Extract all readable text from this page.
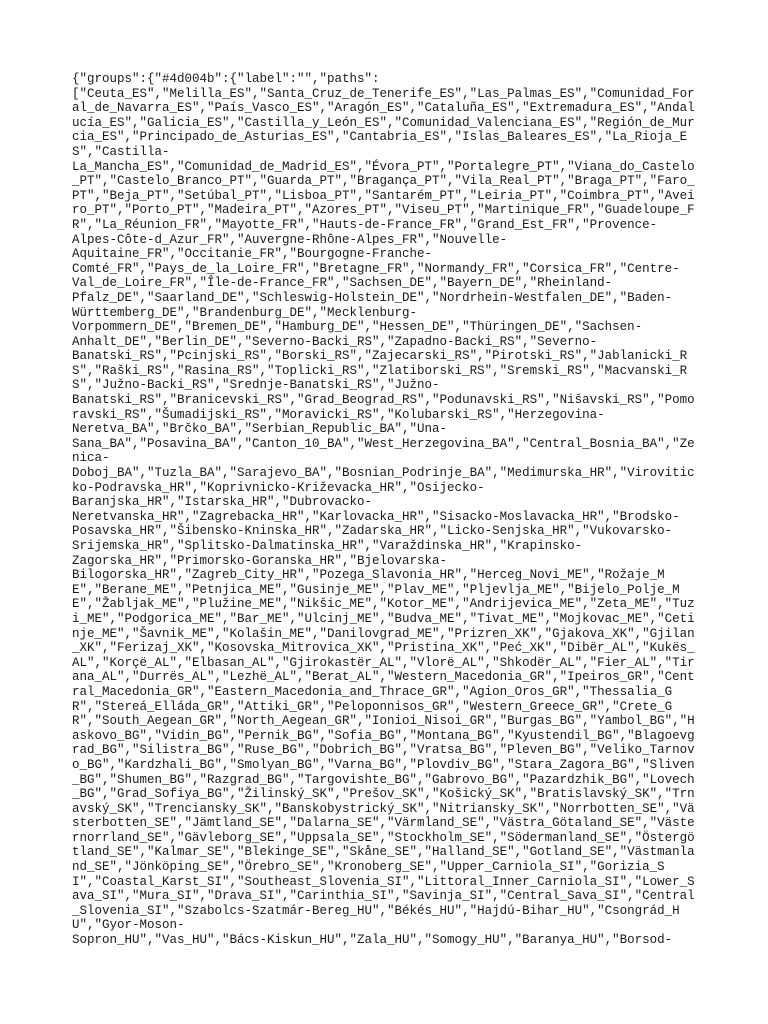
{"groups":{"#4d004b":{"label":"","paths":
["Ceuta_ES","Melilla_ES","Santa_Cruz_de_Tenerife_ES","Las_Palmas_ES","Comunidad_Foral_de_Navarra_ES","País_Vasco_ES","Aragón_ES","Cataluña_ES","Extremadura_ES","Andalucía_ES","Galicia_ES","Castilla_y_León_ES","Comunidad_Valenciana_ES","Región_de_Murcia_ES","Principado_de_Asturias_ES","Cantabria_ES","Islas_Baleares_ES","La_Rioja_ES","Castilla-
La_Mancha_ES","Comunidad_de_Madrid_ES","Évora_PT","Portalegre_PT","Viana_do_Castelo_PT","Castelo_Branco_PT","Guarda_PT","Bragança_PT","Vila_Real_PT","Braga_PT","Faro_PT","Beja_PT","Setúbal_PT","Lisboa_PT","Santarém_PT","Leiria_PT","Coimbra_PT","Aveiro_PT","Porto_PT","Madeira_PT","Azores_PT","Viseu_PT","Martinique_FR","Guadeloupe_FR","La_Réunion_FR","Mayotte_FR","Hauts-de-France_FR","Grand_Est_FR","Provence-
Alpes-Côte-d_Azur_FR","Auvergne-Rhône-Alpes_FR","Nouvelle-
Aquitaine_FR","Occitanie_FR","Bourgogne-Franche-
Comté_FR","Pays_de_la_Loire_FR","Bretagne_FR","Normandy_FR","Corsica_FR","Centre-
Val_de_Loire_FR","Île-de-France_FR","Sachsen_DE","Bayern_DE","Rheinland-
Pfalz_DE","Saarland_DE","Schleswig-Holstein_DE","Nordrhein-Westfalen_DE","Baden-
Württemberg_DE","Brandenburg_DE","Mecklenburg-
Vorpommern_DE","Bremen_DE","Hamburg_DE","Hessen_DE","Thüringen_DE","Sachsen-
Anhalt_DE","Berlin_DE","Severno-Backi_RS","Zapadno-Backi_RS","Severno-
Banatski_RS","Pcinjski_RS","Borski_RS","Zajecarski_RS","Pirotski_RS","Jablanicki_RS","Raški_RS","Rasina_RS","Toplicki_RS","Zlatiborski_RS","Sremski_RS","Macvanski_RS","Južno-Backi_RS","Srednje-Banatski_RS","Južno-
Banatski_RS","Branicevski_RS","Grad_Beograd_RS","Podunavski_RS","Nišavski_RS","Pomoravski_RS","Šumadijski_RS","Moravicki_RS","Kolubarski_RS","Herzegovina-
Neretva_BA","Brčko_BA","Serbian_Republic_BA","Una-
Sana_BA","Posavina_BA","Canton_10_BA","West_Herzegovina_BA","Central_Bosnia_BA","Zenica-
Doboj_BA","Tuzla_BA","Sarajevo_BA","Bosnian_Podrinje_BA","Medimurska_HR","Viroviticko-Podravska_HR","Koprivnicko-Križevacka_HR","Osijecko-
Baranjska_HR","Istarska_HR","Dubrovacko-
Neretvanska_HR","Zagrebacka_HR","Karlovacka_HR","Sisacko-Moslavacka_HR","Brodsko-
Posavska_HR","Šibensko-Kninska_HR","Zadarska_HR","Licko-Senjska_HR","Vukovarsko-
Srijemska_HR","Splitsko-Dalmatinska_HR","Varaždinska_HR","Krapinsko-
Zagorska_HR","Primorsko-Goranska_HR","Bjelovarska-
Bilogorska_HR","Zagreb_City_HR","Pozega_Slavonia_HR","Herceg_Novi_ME","Rožaje_ME","Berane_ME","Petnjica_ME","Gusinje_ME","Plav_ME","Pljevlja_ME","Bijelo_Polje_ME","Žabljak_ME","Plužine_ME","Nikšic_ME","Kotor_ME","Andrijevica_ME","Zeta_ME","Tuzi_ME","Podgorica_ME","Bar_ME","Ulcinj_ME","Budva_ME","Tivat_ME","Mojkovac_ME","Cetinje_ME","Šavnik_ME","Kolašin_ME","Danilovgrad_ME","Prizren_XK","Gjakova_XK","Gjilan_XK","Ferizaj_XK","Kosovska_Mitrovica_XK","Pristina_XK","Peć_XK","Dibër_AL","Kukës_AL","Korçë_AL","Elbasan_AL","Gjirokastër_AL","Vlorë_AL","Shkodër_AL","Fier_AL","Tirana_AL","Durrës_AL","Lezhë_AL","Berat_AL","Western_Macedonia_GR","Ipeiros_GR","Central_Macedonia_GR","Eastern_Macedonia_and_Thrace_GR","Agion_Oros_GR","Thessalia_GR","Stereá_Elláda_GR","Attiki_GR","Peloponnisos_GR","Western_Greece_GR","Crete_GR","South_Aegean_GR","North_Aegean_GR","Ionioi_Nisoi_GR","Burgas_BG","Yambol_BG","Haskovo_BG","Vidin_BG","Pernik_BG","Sofia_BG","Montana_BG","Kyustendil_BG","Blagoevgrad_BG","Silistra_BG","Ruse_BG","Dobrich_BG","Vratsa_BG","Pleven_BG","Veliko_Tarnovo_BG","Kardzhali_BG","Smolyan_BG","Varna_BG","Plovdiv_BG","Stara_Zagora_BG","Sliven_BG","Shumen_BG","Razgrad_BG","Targovishte_BG","Gabrovo_BG","Pazardzhik_BG","Lovech_BG","Grad_Sofiya_BG","Žilinský_SK","Prešov_SK","Košický_SK","Bratislavský_SK","Trnavský_SK","Trenciansky_SK","Banskobystrický_SK","Nitriansky_SK","Norrbotten_SE","Västerbotten_SE","Jämtland_SE","Dalarna_SE","Värmland_SE","Västra_Götaland_SE","Västernorrland_SE","Gävleborg_SE","Uppsala_SE","Stockholm_SE","Södermanland_SE","Östergötland_SE","Kalmar_SE","Blekinge_SE","Skåne_SE","Halland_SE","Gotland_SE","Västmanland_SE","Jönköping_SE","Örebro_SE","Kronoberg_SE","Upper_Carniola_SI","Gorizia_SI","Coastal_Karst_SI","Southeast_Slovenia_SI","Littoral_Inner_Carniola_SI","Lower_Sava_SI","Mura_SI","Drava_SI","Carinthia_SI","Savinja_SI","Central_Sava_SI","Central_Slovenia_SI","Szabolcs-Szatmár-Bereg_HU","Békés_HU","Hajdú-Bihar_HU","Csongrád_HU","Gyor-Moson-
Sopron_HU","Vas_HU","Bács-Kiskun_HU","Zala_HU","Somogy_HU","Baranya_HU","Borsod-
